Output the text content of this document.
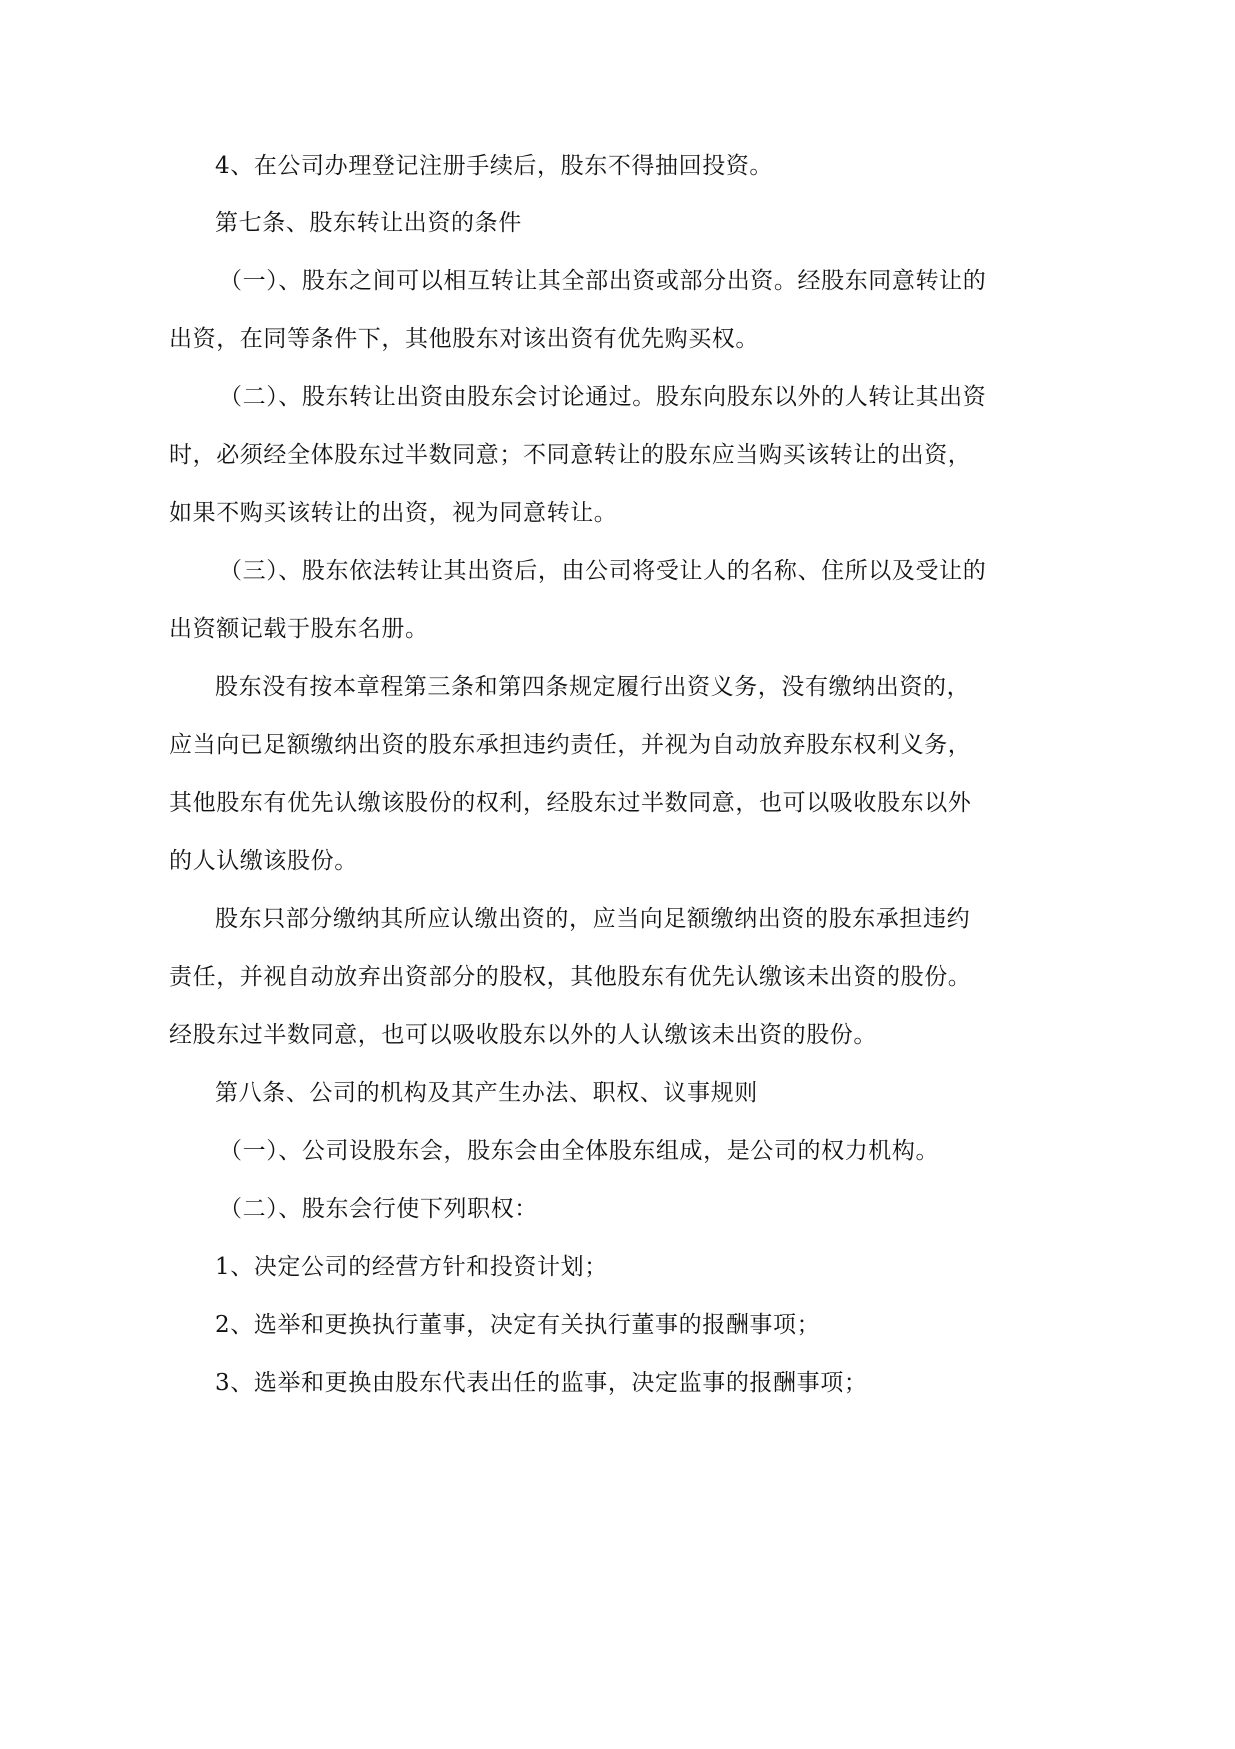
4、在公司办理登记注册手续后，股东不得抽回投资。

第七条、股东转让出资的条件

（一）、股东之间可以相互转让其全部出资或部分出资。经股东同意转让的

出资，在同等条件下，其他股东对该出资有优先购买权。

（二）、股东转让出资由股东会讨论通过。股东向股东以外的人转让其出资

时，必须经全体股东过半数同意；不同意转让的股东应当购买该转让的出资，

如果不购买该转让的出资，视为同意转让。

（三）、股东依法转让其出资后，由公司将受让人的名称、住所以及受让的

出资额记载于股东名册。

股东没有按本章程第三条和第四条规定履行出资义务，没有缴纳出资的，

应当向已足额缴纳出资的股东承担违约责任，并视为自动放弃股东权利义务，

其他股东有优先认缴该股份的权利，经股东过半数同意，也可以吸收股东以外

的人认缴该股份。

股东只部分缴纳其所应认缴出资的，应当向足额缴纳出资的股东承担违约

责任，并视自动放弃出资部分的股权，其他股东有优先认缴该未出资的股份。

经股东过半数同意，也可以吸收股东以外的人认缴该未出资的股份。

第八条、公司的机构及其产生办法、职权、议事规则

（一）、公司设股东会，股东会由全体股东组成，是公司的权力机构。

（二）、股东会行使下列职权：

1、决定公司的经营方针和投资计划；

2、选举和更换执行董事，决定有关执行董事的报酬事项；

3、选举和更换由股东代表出任的监事，决定监事的报酬事项；
